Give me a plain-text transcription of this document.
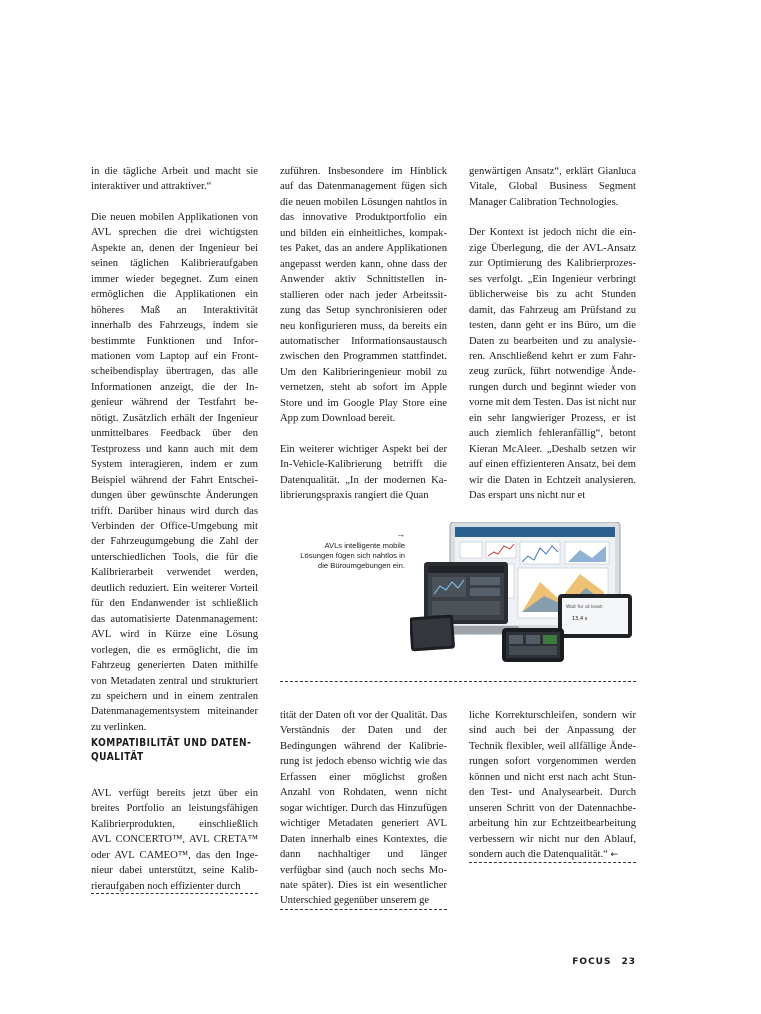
in die tägliche Arbeit und macht sie interaktiver und attraktiver.“

Die neuen mobilen Applikationen von AVL sprechen die drei wichtigsten Aspekte an, denen der Ingenieur bei seinen täglichen Kalibrieraufgaben immer wieder begegnet. Zum einen ermöglichen die Applikationen ein höheres Maß an Interaktivität innerhalb des Fahrzeugs, indem sie bestimmte Funktionen und Informationen vom Laptop auf ein Frontscheibendisplay übertragen, das alle Informationen anzeigt, die der Ingenieur während der Testfahrt benötigt. Zusätzlich erhält der Ingenieur unmittelbares Feedback über den Testprozess und kann auch mit dem System interagieren, indem er zum Beispiel während der Fahrt Entscheidungen über gewünschte Änderungen trifft. Darüber hinaus wird durch das Verbinden der Office-Umgebung mit der Fahrzeugumgebung die Zahl der unterschiedlichen Tools, die für die Kalibrierarbeit verwendet werden, deutlich reduziert. Ein weiterer Vorteil für den Endanwender ist schließlich das automatisierte Datenmanagement: AVL wird in Kürze eine Lösung vorlegen, die es ermöglicht, die im Fahrzeug generierten Daten mithilfe von Metadaten zentral und strukturiert zu speichern und in einem zentralen Datenmanagementsystem miteinander zu verlinken.

KOMPATIBILITÄT UND DATENQUALITÄT

AVL verfügt bereits jetzt über ein breites Portfolio an leistungsfähigen Kalibrierprodukten, einschließlich AVL CONCERTO™, AVL CRETA™ oder AVL CAMEO™, das den Ingenieur dabei unterstützt, seine Kalibrieraufgaben noch effizienter durch

zuführen. Insbesondere im Hinblick auf das Datenmanagement fügen sich die neuen mobilen Lösungen nahtlos in das innovative Produktportfolio ein und bilden ein einheitliches, kompaktes Paket, das an andere Applikationen angepasst werden kann, ohne dass der Anwender aktiv Schnittstellen installieren oder nach jeder Arbeitssitzung das Setup synchronisieren oder neu konfigurieren muss, da bereits ein automatischer Informationsaustausch zwischen den Programmen stattfindet. Um den Kalibrieringenieur mobil zu vernetzen, steht ab sofort im Apple Store und im Google Play Store eine App zum Download bereit.

Ein weiterer wichtiger Aspekt bei der In-Vehicle-Kalibrierung betrifft die Datenqualität. „In der modernen Kalibrierungspraxis rangiert die Quan

genwärtigen Ansatz“, erklärt Gianluca Vitale, Global Business Segment Manager Calibration Technologies.

Der Kontext ist jedoch nicht die einzige Überlegung, die der AVL-Ansatz zur Optimierung des Kalibrierprozesses verfolgt. „Ein Ingenieur verbringt üblicherweise bis zu acht Stunden damit, das Fahrzeug am Prüfstand zu testen, dann geht er ins Büro, um die Daten zu bearbeiten und zu analysieren. Anschließend kehrt er zum Fahrzeug zurück, führt notwendige Änderungen durch und beginnt wieder von vorne mit dem Testen. Das ist nicht nur ein sehr langwieriger Prozess, er ist auch ziemlich fehleranfällig“, betont Kieran McAleer. „Deshalb setzen wir auf einen effizienteren Ansatz, bei dem wir die Daten in Echtzeit analysieren. Das erspart uns nicht nur et

→
AVLs intelligente mobile Lösungen fügen sich nahtlos in die Büroumgebungen ein.
Wait for at least:
13,4 s

tität der Daten oft vor der Qualität. Das Verständnis der Daten und der Bedingungen während der Kalibrierung ist jedoch ebenso wichtig wie das Erfassen einer möglichst großen Anzahl von Rohdaten, wenn nicht sogar wichtiger. Durch das Hinzufügen wichtiger Metadaten generiert AVL Daten innerhalb eines Kontextes, die dann nachhaltiger und länger verfügbar sind (auch noch sechs Monate später). Dies ist ein wesentlicher Unterschied gegenüber unserem ge

liche Korrekturschleifen, sondern wir sind auch bei der Anpassung der Technik flexibler, weil allfällige Änderungen sofort vorgenommen werden können und nicht erst nach acht Stunden Test- und Analysearbeit. Durch unseren Schritt von der Datennachbearbeitung hin zur Echtzeitbearbeitung verbessern wir nicht nur den Ablauf, sondern auch die Datenqualität.“ ←

FOCUS 23
